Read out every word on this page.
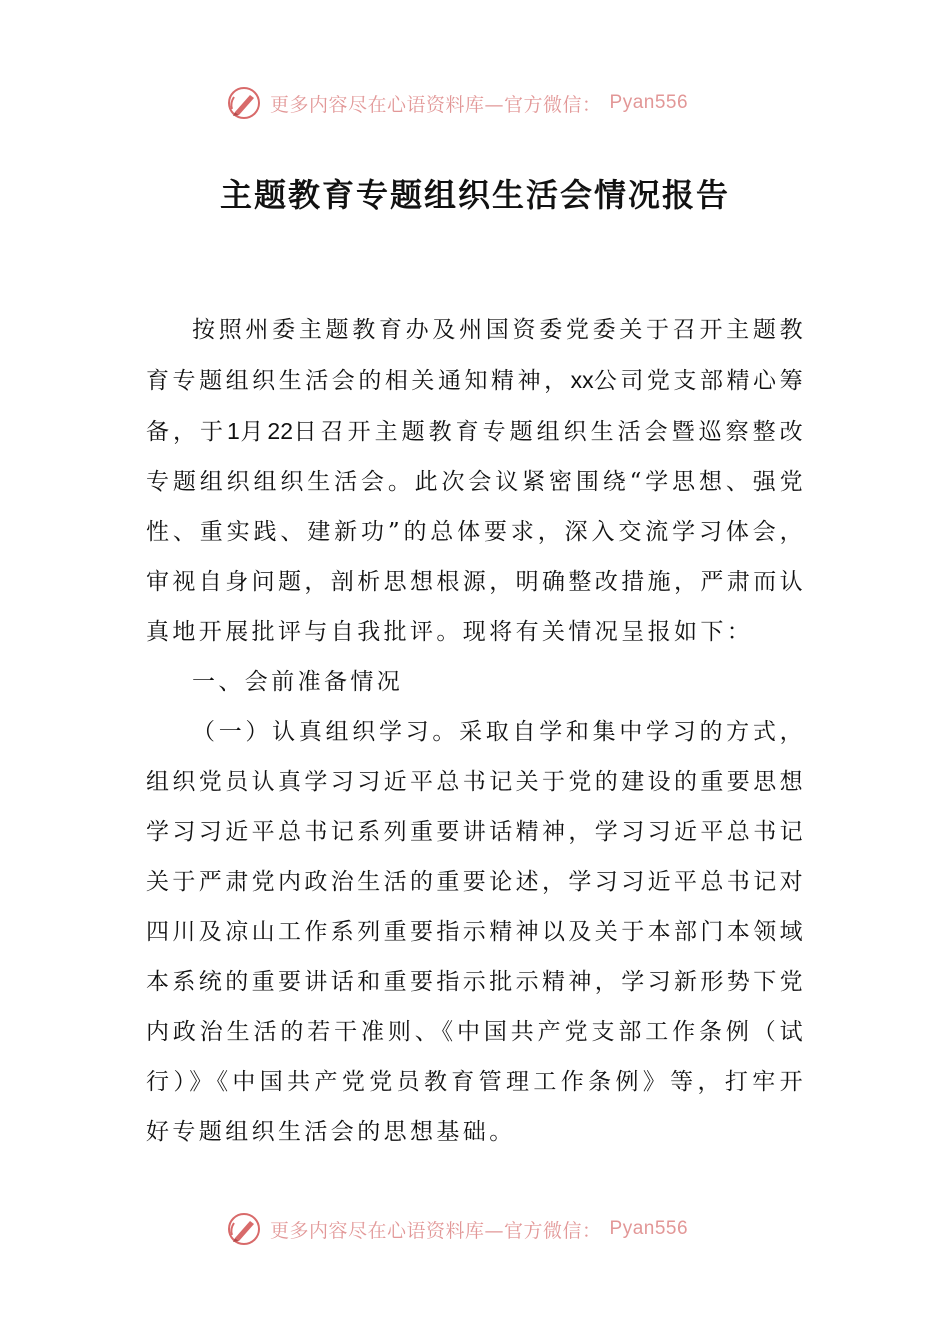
更多内容尽在心语资料库—官方微信： Pyan556
主题教育专题组织生活会情况报告

按照州委主题教育办及州国资委党委关于召开主题教育专题组织生活会的相关通知精神，xx公司党支部精心筹备，于1月22日召开主题教育专题组织生活会暨巡察整改专题组织组织生活会。此次会议紧密围绕“学思想、强党性、重实践、建新功”的总体要求，深入交流学习体会，审视自身问题，剖析思想根源，明确整改措施，严肃而认真地开展批评与自我批评。现将有关情况呈报如下：

一、会前准备情况

（一）认真组织学习。采取自学和集中学习的方式，组织党员认真学习习近平总书记关于党的建设的重要思想学习习近平总书记系列重要讲话精神，学习习近平总书记关于严肃党内政治生活的重要论述，学习习近平总书记对四川及凉山工作系列重要指示精神以及关于本部门本领域本系统的重要讲话和重要指示批示精神，学习新形势下党内政治生活的若干准则、《中国共产党支部工作条例（试行）》《中国共产党党员教育管理工作条例》等，打牢开好专题组织生活会的思想基础。

更多内容尽在心语资料库—官方微信： Pyan556
